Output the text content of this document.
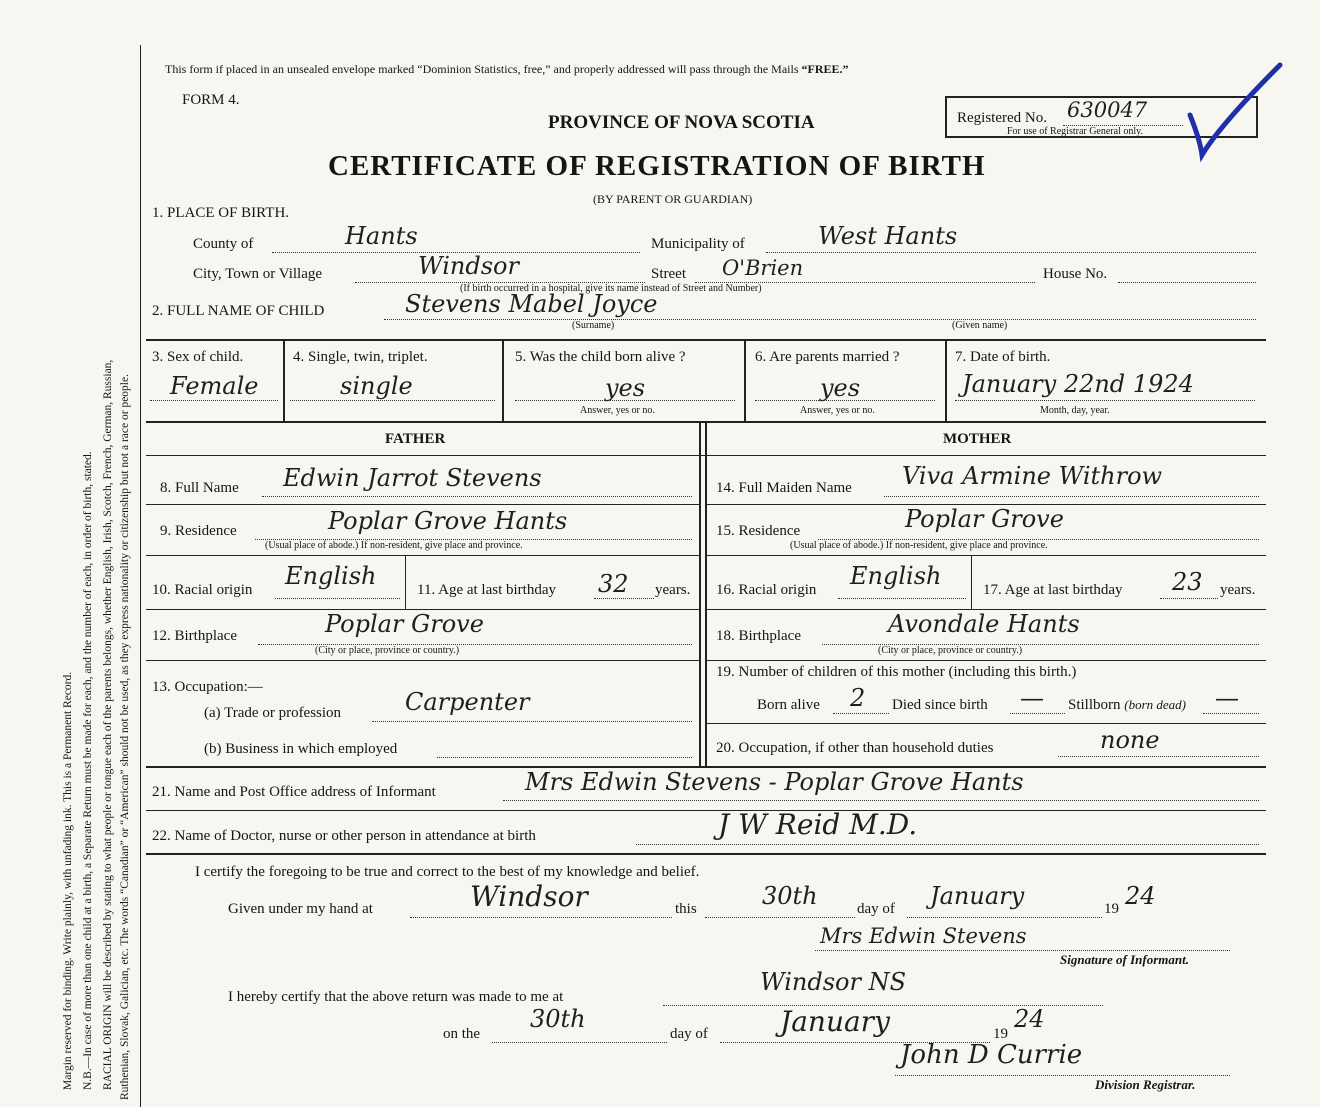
Margin reserved for binding. Write plainly, with unfading ink. This is a Permanent Record. N.B.—In case of more than one child at a birth, a Separate Return must be made for each, and the number of each, in order of birth, stated. RACIAL ORIGIN will be described by stating to what people or tongue each of the parents belongs, whether English, Irish, Scotch, French, German, Russian, Ruthenian, Slovak, Galician, etc. The words “Canadian” or “American” should not be used, as they express nationality or citizenship but not a race or people.
This form if placed in an unsealed envelope marked “Dominion Statistics, free,” and properly addressed will pass through the Mails “FREE.”
FORM 4.
PROVINCE OF NOVA SCOTIA
CERTIFICATE OF REGISTRATION OF BIRTH
(BY PARENT OR GUARDIAN)
Registered No. 630047
For use of Registrar General only.
1. PLACE OF BIRTH.
County of	Hants	Municipality of	West Hants
City, Town or Village	Windsor	Street O'Brien	House No.
(If birth occurred in a hospital, give its name instead of Street and Number)
2. FULL NAME OF CHILD	Stevens Mabel Joyce
(Surname)	(Given name)
3. Sex of child.
Female
4. Single, twin, triplet.
single
5. Was the child born alive ?
yes
Answer, yes or no.
6. Are parents married ?
yes
Answer, yes or no.
7. Date of birth.
January 22nd 1924
Month, day, year.
FATHER	MOTHER
8. Full Name Edwin Jarrot Stevens
9. Residence	Poplar Grove Hants
(Usual place of abode.) If non-resident, give place and province.
10. Racial origin English	11. Age at last birthday 32 years.
12. Birthplace	Poplar Grove
(City or place, province or country.)
13. Occupation:—
(a) Trade or profession	Carpenter
(b) Business in which employed
14. Full Maiden Name Viva Armine Withrow
15. Residence	Poplar Grove
(Usual place of abode.) If non-resident, give place and province.
16. Racial origin English	17. Age at last birthday 23 years.
18. Birthplace	Avondale Hants
(City or place, province or country.)
19. Number of children of this mother (including this birth.)
Born alive 2 Died since birth — Stillborn (born dead) —
20. Occupation, if other than household duties	none
21. Name and Post Office address of Informant	Mrs Edwin Stevens - Poplar Grove Hants
22. Name of Doctor, nurse or other person in attendance at birth	J W Reid M.D.
I certify the foregoing to be true and correct to the best of my knowledge and belief.
Given under my hand at	Windsor	this	30th	day of January	19 24
Mrs Edwin Stevens
Signature of Informant.
I hereby certify that the above return was made to me at
Windsor NS
on the
30th
day of	January	19
24
John D Currie
Division Registrar.
